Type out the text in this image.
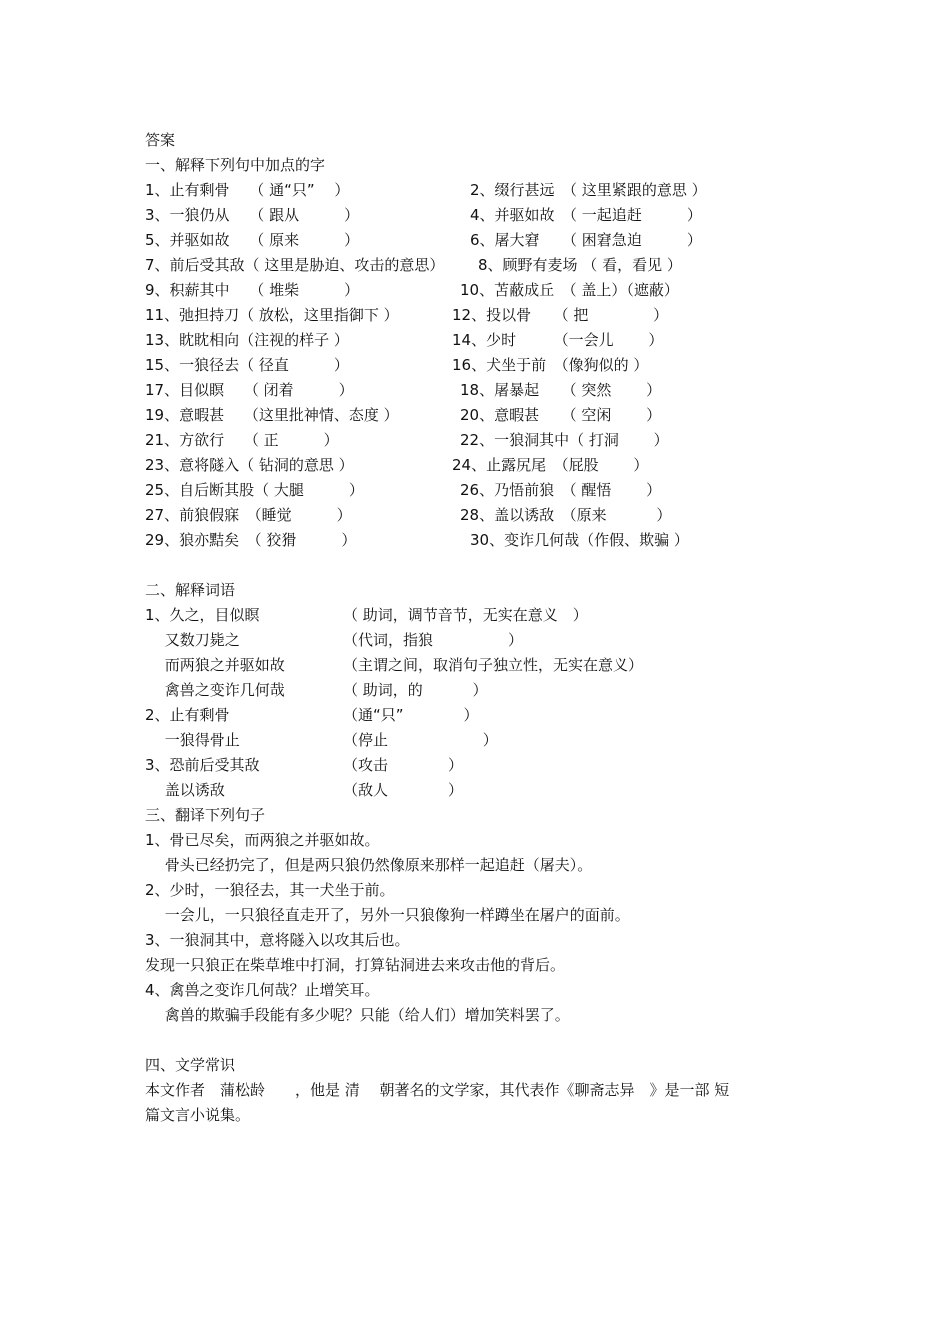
答案
一、解释下列句中加点的字
1、止有剩骨　 （ 通“只”　 ）	2、缀行甚远　（ 这里紧跟的意思 ）
3、一狼仍从　 （ 跟从　　　）	4、并驱如故　（ 一起追赶　　　）
5、并驱如故　 （ 原来　　　）	6、屠大窘　　（ 困窘急迫　　　）
7、前后受其敌（ 这里是胁迫、攻击的意思） 8、顾野有麦场 （ 看，看见 ）
9、积薪其中　 （ 堆柴　　　）	10、苫蔽成丘　（ 盖上）（遮蔽）
11、弛担持刀（ 放松，这里指御下 ）	12、投以骨　　（ 把　　　　 ）
13、眈眈相向（注视的样子 ）	14、少时　　　（一会儿　　 ）
15、一狼径去（ 径直　　　）	16、犬坐于前　（像狗似的 ）
17、目似瞑　 （ 闭着　　　）	18、屠暴起　　（ 突然　　 ）
19、意暇甚　 （这里批神情、态度 ）	20、意暇甚　　（ 空闲　　 ）
21、方欲行　 （ 正　　　）	22、一狼洞其中（ 打洞　　 ）
23、意将隧入（ 钻洞的意思 ）	24、止露尻尾　（屁股　　 ）
25、自后断其股（ 大腿　　　）	26、乃悟前狼　（ 醒悟　　 ）
27、前狼假寐　（睡觉　　　）	28、盖以诱敌　（原来　　　 ）
29、狼亦黠矣　（ 狡猾　　　）	30、变诈几何哉（作假、欺骗 ）
二、解释词语
1、久之，目似瞑	（ 助词，调节音节，无实在意义　）
　 又数刀毙之	（代词，指狼　　　　　）
　 而两狼之并驱如故	（主谓之间，取消句子独立性，无实在意义）
　 禽兽之变诈几何哉	（ 助词，的　　　 ）
2、止有剩骨	（通“只”　　　　）
　 一狼得骨止	（停止　　　　　　 ）
3、恐前后受其敌	（攻击　　　　）
　 盖以诱敌	（敌人　　　　）
三、翻译下列句子
1、骨已尽矣，而两狼之并驱如故。
　 骨头已经扔完了，但是两只狼仍然像原来那样一起追赶（屠夫）。
2、少时，一狼径去，其一犬坐于前。
　 一会儿，一只狼径直走开了，另外一只狼像狗一样蹲坐在屠户的面前。
3、一狼洞其中，意将隧入以攻其后也。
发现一只狼正在柴草堆中打洞，打算钻洞进去来攻击他的背后。
4、禽兽之变诈几何哉？止增笑耳。
　 禽兽的欺骗手段能有多少呢？只能（给人们）增加笑料罢了。
四、文学常识
本文作者　蒲松龄　　，他是 清　 朝著名的文学家，其代表作《聊斋志异　》是一部 短
篇文言小说集。
